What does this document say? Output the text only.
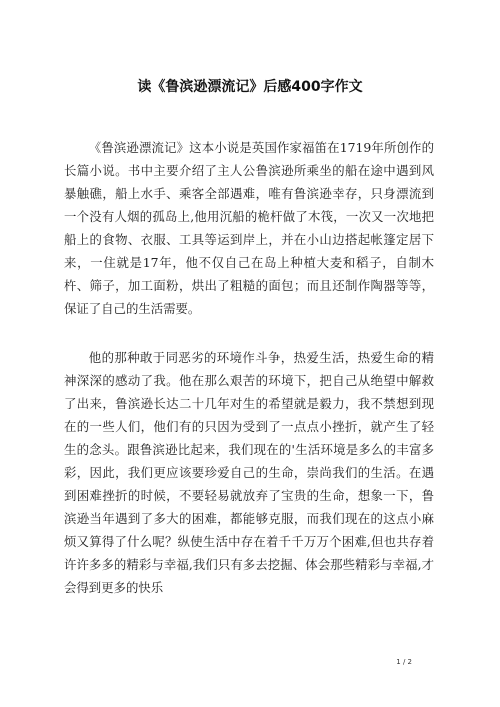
读《鲁滨逊漂流记》后感400字作文

《鲁滨逊漂流记》这本小说是英国作家福笛在1719年所创作的长篇小说。书中主要介绍了主人公鲁滨逊所乘坐的船在途中遇到风暴触礁，船上水手、乘客全部遇难，唯有鲁滨逊幸存，只身漂流到一个没有人烟的孤岛上,他用沉船的桅杆做了木筏，一次又一次地把船上的食物、衣服、工具等运到岸上，并在小山边搭起帐篷定居下来，一住就是17年，他不仅自己在岛上种植大麦和稻子，自制木杵、筛子，加工面粉，烘出了粗糙的面包；而且还制作陶器等等，保证了自己的生活需要。

他的那种敢于同恶劣的环境作斗争，热爱生活，热爱生命的精神深深的感动了我。他在那么艰苦的环境下，把自己从绝望中解救了出来，鲁滨逊长达二十几年对生的希望就是毅力，我不禁想到现在的一些人们，他们有的只因为受到了一点点小挫折，就产生了轻生的念头。跟鲁滨逊比起来，我们现在的'生活环境是多么的丰富多彩，因此，我们更应该要珍爱自己的生命，崇尚我们的生活。在遇到困难挫折的时候，不要轻易就放弃了宝贵的生命，想象一下，鲁滨逊当年遇到了多大的困难，都能够克服，而我们现在的这点小麻烦又算得了什么呢？纵使生活中存在着千千万万个困难,但也共存着许许多多的精彩与幸福,我们只有多去挖掘、体会那些精彩与幸福,才会得到更多的快乐

1 / 2
